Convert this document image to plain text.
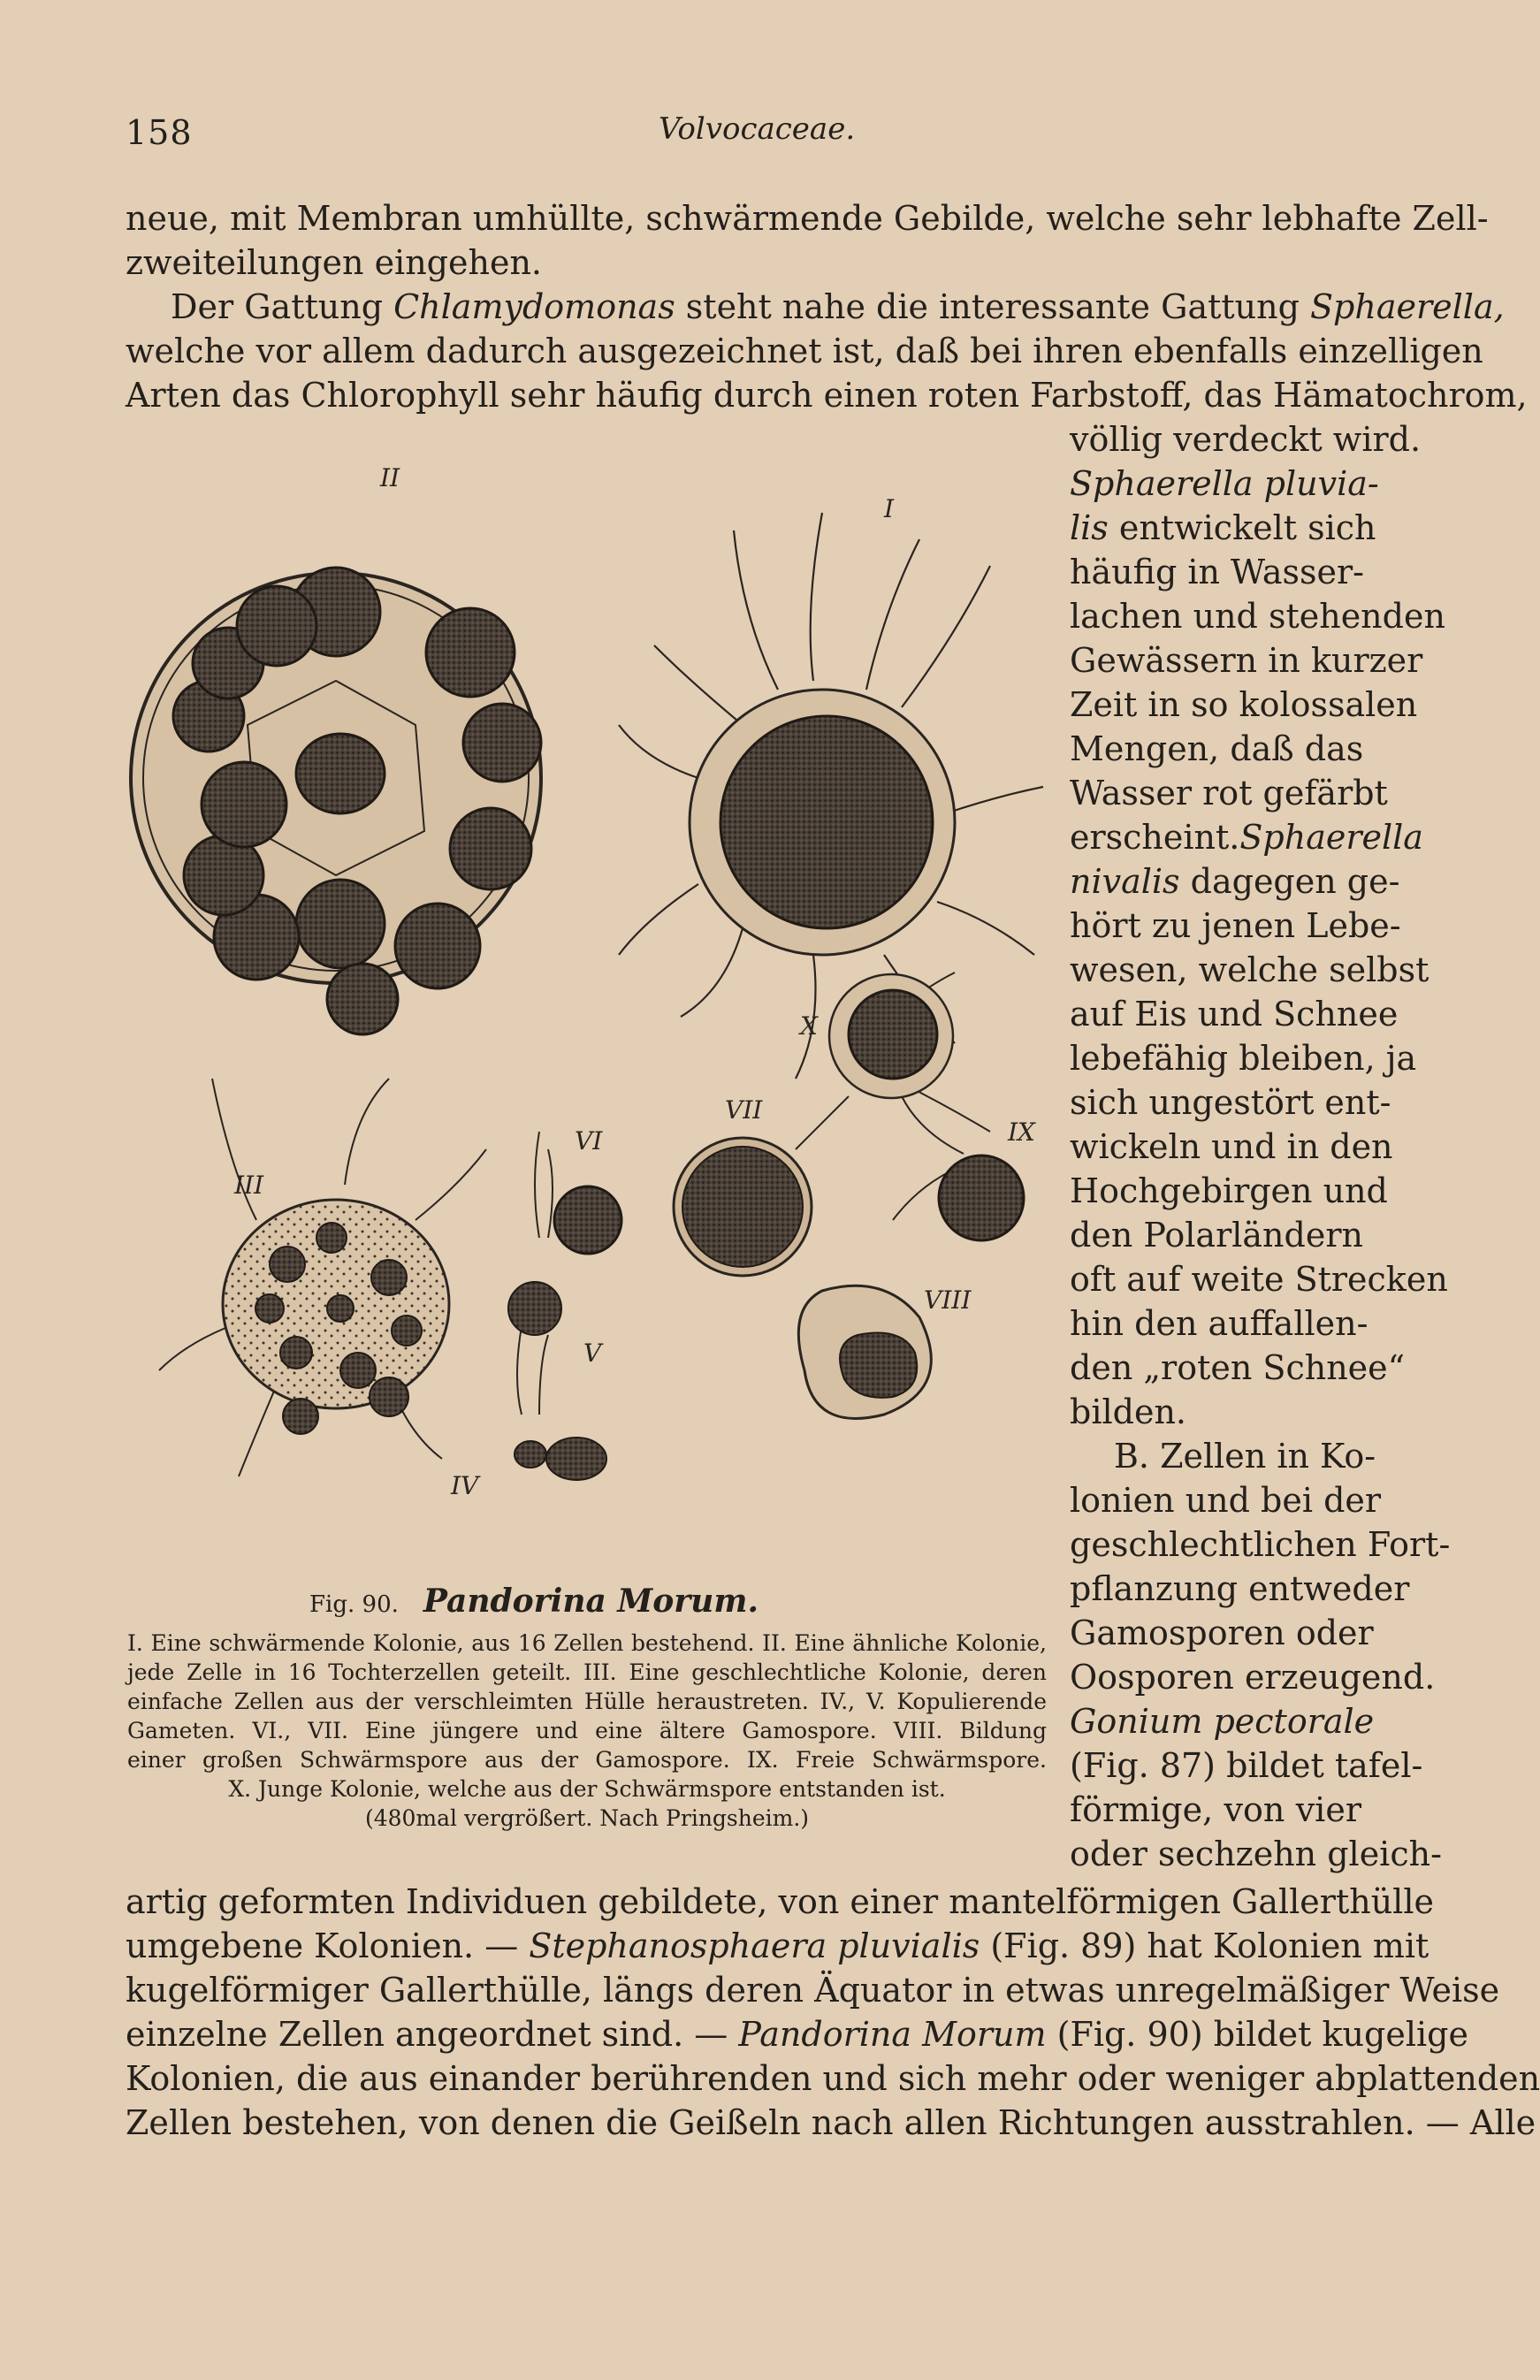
158	Volvocaceae.
neue, mit Membran umhüllte, schwärmende Gebilde, welche sehr lebhafte Zell-
zweiteilungen eingehen.
Der Gattung Chlamydomonas steht nahe die interessante Gattung Sphaerella,
welche vor allem dadurch ausgezeichnet ist, daß bei ihren ebenfalls einzelligen
Arten das Chlorophyll sehr häufig durch einen roten Farbstoff, das Hämatochrom,
völlig verdeckt wird.
Sphaerella pluvia-
lis entwickelt sich
häufig in Wasser-
lachen und stehenden
Gewässern in kurzer
Zeit in so kolossalen
Mengen, daß das
Wasser rot gefärbt
erscheint.Sphaerella
nivalis dagegen ge-
hört zu jenen Lebe-
wesen, welche selbst
auf Eis und Schnee
lebefähig bleiben, ja
sich ungestört ent-
wickeln und in den
Hochgebirgen und
den Polarländern
oft auf weite Strecken
hin den auffallen-
den „roten Schnee“
bilden.
B. Zellen in Ko-
lonien und bei der
geschlechtlichen Fort-
pflanzung entweder
Gamosporen oder
Oosporen erzeugend.
Gonium pectorale
(Fig. 87) bildet tafel-
förmige, von vier
oder sechzehn gleich-
II
I
X
VII
VI	IX
III
VIII
V
IV
Fig. 90. Pandorina Morum.
I. Eine schwärmende Kolonie, aus 16 Zellen bestehend. II. Eine ähnliche Kolonie,
jede Zelle in 16 Tochterzellen geteilt. III. Eine geschlechtliche Kolonie, deren
einfache Zellen aus der verschleimten Hülle heraustreten. IV., V. Kopulierende
Gameten. VI., VII. Eine jüngere und eine ältere Gamospore. VIII. Bildung
einer großen Schwärmspore aus der Gamospore. IX. Freie Schwärmspore.
X. Junge Kolonie, welche aus der Schwärmspore entstanden ist.
(480mal vergrößert. Nach Pringsheim.)
artig geformten Individuen gebildete, von einer mantelförmigen Gallerthülle
umgebene Kolonien. — Stephanosphaera pluvialis (Fig. 89) hat Kolonien mit
kugelförmiger Gallerthülle, längs deren Äquator in etwas unregelmäßiger Weise
einzelne Zellen angeordnet sind. — Pandorina Morum (Fig. 90) bildet kugelige
Kolonien, die aus einander berührenden und sich mehr oder weniger abplattenden
Zellen bestehen, von denen die Geißeln nach allen Richtungen ausstrahlen. — Alle
